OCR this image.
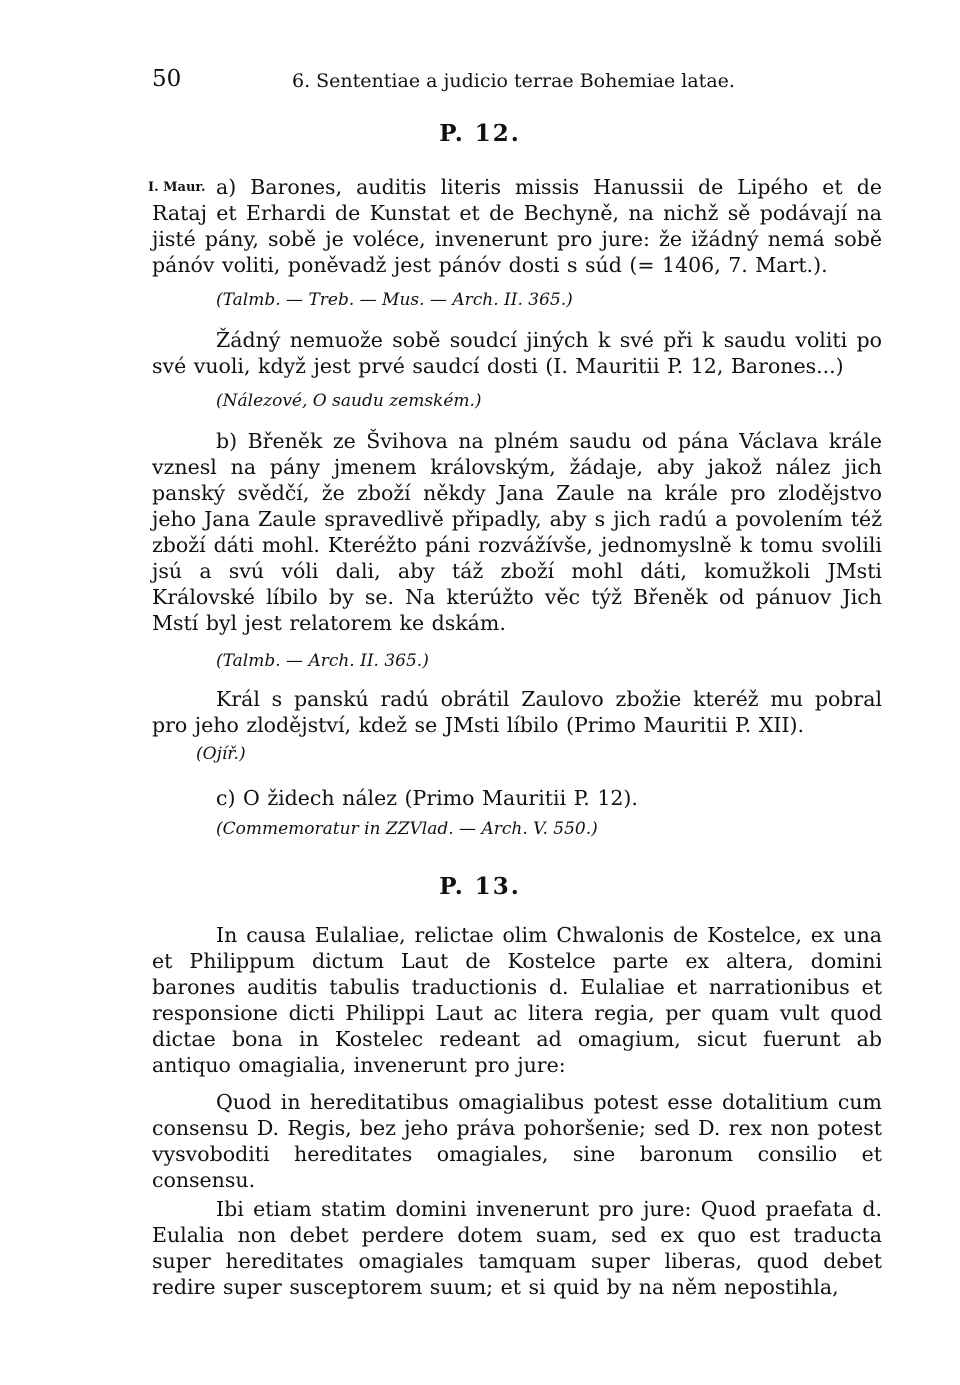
50	6. Sententiae a judicio terrae Bohemiae latae.
P. 12.
I. Maur. a) Barones, auditis literis missis Hanussii de Lipého et de Rataj et Erhardi de Kunstat et de Bechyně, na nichž sě podávají na jisté pány, sobě je voléce, invenerunt pro jure: že ižádný nemá sobě pánóv voliti, poněvadž jest pánóv dosti s súd (= 1406, 7. Mart.).

(Talmb. — Treb. — Mus. — Arch. II. 365.)

Žádný nemuože sobě soudcí jiných k své při k saudu voliti po své vuoli, když jest prvé saudcí dosti (I. Mauritii P. 12, Barones...)

(Nálezové, O saudu zemském.)

b) Břeněk ze Švihova na plném saudu od pána Václava krále vznesl na pány jmenem královským, žádaje, aby jakož nález jich panský svědčí, že zboží někdy Jana Zaule na krále pro zlodějstvo jeho Jana Zaule spravedlivě připadly, aby s jich radú a povolením též zboží dáti mohl. Kteréžto páni rozvážívše, jednomyslně k tomu svolili jsú a svú vóli dali, aby táž zboží mohl dáti, komužkoli JMsti Královské líbilo by se. Na kterúžto věc týž Břeněk od pánuov Jich Mstí byl jest relatorem ke dskám.

(Talmb. — Arch. II. 365.)

Král s panskú radú obrátil Zaulovo zbožie kteréž mu pobral pro jeho zlodějství, kdež se JMsti líbilo (Primo Mauritii P. XII).

(Ojíř.)

c) O židech nález (Primo Mauritii P. 12).

(Commemoratur in ZZVlad. — Arch. V. 550.)
P. 13.

In causa Eulaliae, relictae olim Chwalonis de Kostelce, ex una et Philippum dictum Laut de Kostelce parte ex altera, domini barones auditis tabulis traductionis d. Eulaliae et narrationibus et responsione dicti Philippi Laut ac litera regia, per quam vult quod dictae bona in Kostelec redeant ad omagium, sicut fuerunt ab antiquo omagialia, invenerunt pro jure:

Quod in hereditatibus omagialibus potest esse dotalitium cum consensu D. Regis, bez jeho práva pohoršenie; sed D. rex non potest vysvoboditi hereditates omagiales, sine baronum consilio et consensu.

Ibi etiam statim domini invenerunt pro jure: Quod praefata d. Eulalia non debet perdere dotem suam, sed ex quo est traducta super hereditates omagiales tamquam super liberas, quod debet redire super susceptorem suum; et si quid by na něm nepostihla,
